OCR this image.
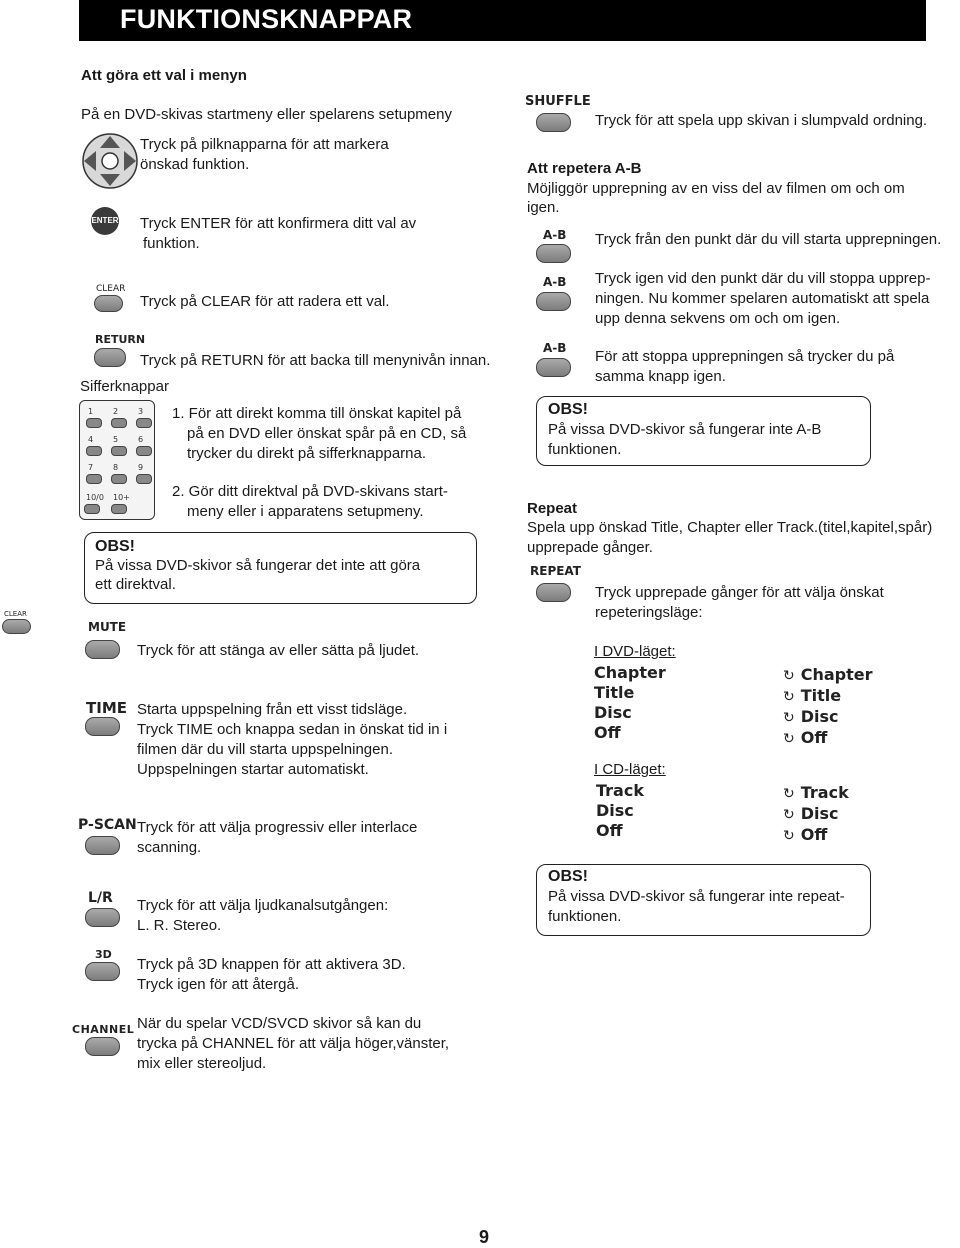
FUNKTIONSKNAPPAR
Att göra ett val i menyn
På en DVD-skivas startmeny eller spelarens setupmeny
Tryck på pilknapparna för att markera
önskad funktion.
ENTER Tryck ENTER för att konfirmera ditt val av
funktion.
CLEAR
Tryck på CLEAR för att radera ett val.
RETURN
Tryck på RETURN för att backa till menynivån innan.
Sifferknappar
1 2 3
4 5 6
7 8 9
10/0 10+
1. För att direkt komma till önskat kapitel på
på en DVD eller önskat spår på en CD, så
trycker du direkt på sifferknapparna.
2. Gör ditt direktval på DVD-skivans start-
meny eller i apparatens setupmeny.
OBS!
På vissa DVD-skivor så fungerar det inte att göra
ett direktval.
CLEAR
MUTE
Tryck för att stänga av eller sätta på ljudet.
TIME Starta uppspelning från ett visst tidsläge.
Tryck TIME och knappa sedan in önskat tid in i
filmen där du vill starta uppspelningen.
Uppspelningen startar automatiskt.
P-SCAN Tryck för att välja progressiv eller interlace
scanning.
L/R Tryck för att välja ljudkanalsutgången:
L. R. Stereo.
3D
Tryck på 3D knappen för att aktivera 3D.
Tryck igen för att återgå.
CHANNEL När du spelar VCD/SVCD skivor så kan du
trycka på CHANNEL för att välja höger,vänster,
mix eller stereoljud.
SHUFFLE
Tryck för att spela upp skivan i slumpvald ordning.
Att repetera A-B
Möjliggör upprepning av en viss del av filmen om och om
igen.
A-B Tryck från den punkt där du vill starta upprepningen.
A-B Tryck igen vid den punkt där du vill stoppa upprep-
ningen. Nu kommer spelaren automatiskt att spela
upp denna sekvens om och om igen.
A-B För att stoppa upprepningen så trycker du på
samma knapp igen.
OBS!
På vissa DVD-skivor så fungerar inte A-B
funktionen.
Repeat
Spela upp önskad Title, Chapter eller Track.(titel,kapitel,spår)
upprepade gånger.
REPEAT
Tryck upprepade gånger för att välja önskat
repeteringsläge:
I DVD-läget:
Chapter
Title
Disc
Off
↻ Chapter
↻ Title
↻ Disc
↻ Off
I CD-läget:
Track
Disc
Off
↻ Track
↻ Disc
↻ Off
OBS!
På vissa DVD-skivor så fungerar inte repeat-
funktionen.
9
